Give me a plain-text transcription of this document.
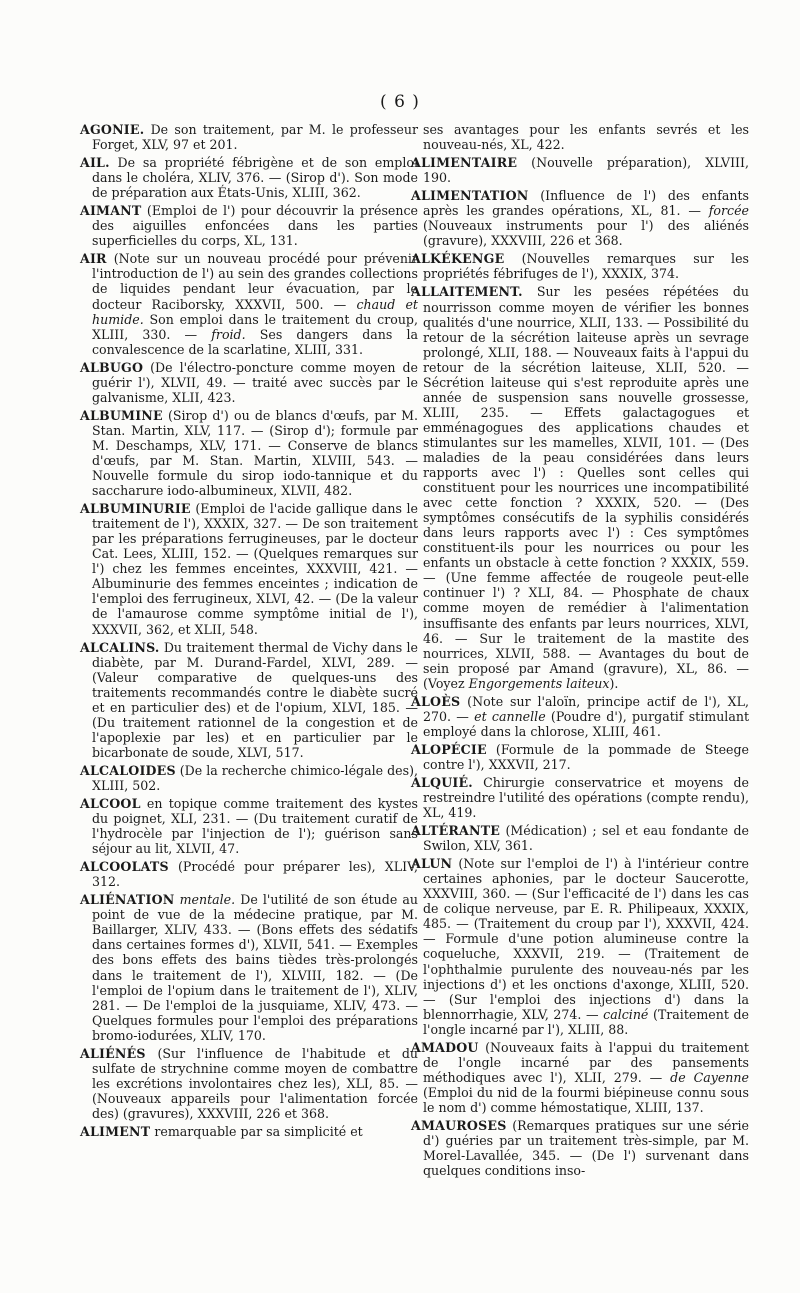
( 6 )

AGONIE. De son traitement, par M. le professeur Forget, XLV, 97 et 201.

AIL. De sa propriété fébrigène et de son emploi dans le choléra, XLIV, 376. — (Sirop d'). Son mode de préparation aux États-Unis, XLIII, 362.

AIMANT (Emploi de l') pour découvrir la présence des aiguilles enfoncées dans les parties superficielles du corps, XL, 131.

AIR (Note sur un nouveau procédé pour prévenir l'introduction de l') au sein des grandes collections de liquides pendant leur évacuation, par le docteur Raciborsky, XXXVII, 500. — chaud et humide. Son emploi dans le traitement du croup, XLIII, 330. — froid. Ses dangers dans la convalescence de la scarlatine, XLIII, 331.

ALBUGO (De l'électro-poncture comme moyen de guérir l'), XLVII, 49. — traité avec succès par le galvanisme, XLII, 423.

ALBUMINE (Sirop d') ou de blancs d'œufs, par M. Stan. Martin, XLV, 117. — (Sirop d'); formule par M. Deschamps, XLV, 171. — Conserve de blancs d'œufs, par M. Stan. Martin, XLVIII, 543. — Nouvelle formule du sirop iodo-tannique et du saccharure iodo-albumineux, XLVII, 482.

ALBUMINURIE (Emploi de l'acide gallique dans le traitement de l'), XXXIX, 327. — De son traitement par les préparations ferrugineuses, par le docteur Cat. Lees, XLIII, 152. — (Quelques remarques sur l') chez les femmes enceintes, XXXVIII, 421. — Albuminurie des femmes enceintes ; indication de l'emploi des ferrugineux, XLVI, 42. — (De la valeur de l'amaurose comme symptôme initial de l'), XXXVII, 362, et XLII, 548.

ALCALINS. Du traitement thermal de Vichy dans le diabète, par M. Durand-Fardel, XLVI, 289. — (Valeur comparative de quelques-uns des traitements recommandés contre le diabète sucré et en particulier des) et de l'opium, XLVI, 185. — (Du traitement rationnel de la congestion et de l'apoplexie par les) et en particulier par le bicarbonate de soude, XLVI, 517.

ALCALOIDES (De la recherche chimico-légale des), XLIII, 502.

ALCOOL en topique comme traitement des kystes du poignet, XLI, 231. — (Du traitement curatif de l'hydrocèle par l'injection de l'); guérison sans séjour au lit, XLVII, 47.

ALCOOLATS (Procédé pour préparer les), XLIV, 312.

ALIÉNATION mentale. De l'utilité de son étude au point de vue de la médecine pratique, par M. Baillarger, XLIV, 433. — (Bons effets des sédatifs dans certaines formes d'), XLVII, 541. — Exemples des bons effets des bains tièdes très-prolongés dans le traitement de l'), XLVIII, 182. — (De l'emploi de l'opium dans le traitement de l'), XLIV, 281. — De l'emploi de la jusquiame, XLIV, 473. — Quelques formules pour l'emploi des préparations bromo-iodurées, XLIV, 170.

ALIÉNÉS (Sur l'influence de l'habitude et du sulfate de strychnine comme moyen de combattre les excrétions involontaires chez les), XLI, 85. — (Nouveaux appareils pour l'alimentation forcée des) (gravures), XXXVIII, 226 et 368.

ALIMENT remarquable par sa simplicité et

ses avantages pour les enfants sevrés et les nouveau-nés, XL, 422.

ALIMENTAIRE (Nouvelle préparation), XLVIII, 190.

ALIMENTATION (Influence de l') des enfants après les grandes opérations, XL, 81. — forcée (Nouveaux instruments pour l') des aliénés (gravure), XXXVIII, 226 et 368.

ALKÉKENGE (Nouvelles remarques sur les propriétés fébrifuges de l'), XXXIX, 374.

ALLAITEMENT. Sur les pesées répétées du nourrisson comme moyen de vérifier les bonnes qualités d'une nourrice, XLII, 133. — Possibilité du retour de la sécrétion laiteuse après un sevrage prolongé, XLII, 188. — Nouveaux faits à l'appui du retour de la sécrétion laiteuse, XLII, 520. — Sécrétion laiteuse qui s'est reproduite après une année de suspension sans nouvelle grossesse, XLIII, 235. — Effets galactagogues et emménagogues des applications chaudes et stimulantes sur les mamelles, XLVII, 101. — (Des maladies de la peau considérées dans leurs rapports avec l') : Quelles sont celles qui constituent pour les nourrices une incompatibilité avec cette fonction ? XXXIX, 520. — (Des symptômes consécutifs de la syphilis considérés dans leurs rapports avec l') : Ces symptômes constituent-ils pour les nourrices ou pour les enfants un obstacle à cette fonction ? XXXIX, 559. — (Une femme affectée de rougeole peut-elle continuer l') ? XLI, 84. — Phosphate de chaux comme moyen de remédier à l'alimentation insuffisante des enfants par leurs nourrices, XLVI, 46. — Sur le traitement de la mastite des nourrices, XLVII, 588. — Avantages du bout de sein proposé par Amand (gravure), XL, 86. — (Voyez Engorgements laiteux).

ALOÈS (Note sur l'aloïn, principe actif de l'), XL, 270. — et cannelle (Poudre d'), purgatif stimulant employé dans la chlorose, XLIII, 461.

ALOPÉCIE (Formule de la pommade de Steege contre l'), XXXVII, 217.

ALQUIÉ. Chirurgie conservatrice et moyens de restreindre l'utilité des opérations (compte rendu), XL, 419.

ALTÉRANTE (Médication) ; sel et eau fondante de Swilon, XLV, 361.

ALUN (Note sur l'emploi de l') à l'intérieur contre certaines aphonies, par le docteur Saucerotte, XXXVIII, 360. — (Sur l'efficacité de l') dans les cas de colique nerveuse, par E. R. Philipeaux, XXXIX, 485. — (Traitement du croup par l'), XXXVII, 424. — Formule d'une potion alumineuse contre la coqueluche, XXXVII, 219. — (Traitement de l'ophthalmie purulente des nouveau-nés par les injections d') et les onctions d'axonge, XLIII, 520. — (Sur l'emploi des injections d') dans la blennorrhagie, XLV, 274. — calciné (Traitement de l'ongle incarné par l'), XLIII, 88.

AMADOU (Nouveaux faits à l'appui du traitement de l'ongle incarné par des pansements méthodiques avec l'), XLII, 279. — de Cayenne (Emploi du nid de la fourmi biépineuse connu sous le nom d') comme hémostatique, XLIII, 137.

AMAUROSES (Remarques pratiques sur une série d') guéries par un traitement très-simple, par M. Morel-Lavallée, 345. — (De l') survenant dans quelques conditions inso-
